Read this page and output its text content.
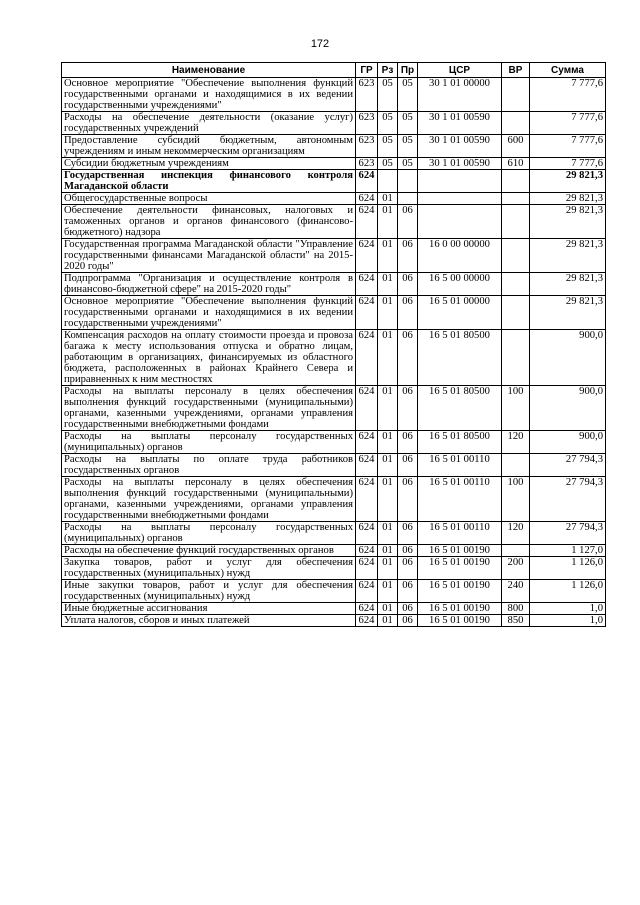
172
Наименование	ГР	Рз	Пр	ЦСР	ВР	Сумма
Основное мероприятие "Обеспечение выполнения функций государственными органами и находящимися в их ведении государственными учреждениями"	623	05	05	30 1 01 00000		7 777,6
Расходы на обеспечение деятельности (оказание услуг) государственных учреждений	623	05	05	30 1 01 00590		7 777,6
Предоставление субсидий бюджетным, автономным учреждениям и иным некоммерческим организациям	623	05	05	30 1 01 00590	600	7 777,6
Субсидии бюджетным учреждениям	623	05	05	30 1 01 00590	610	7 777,6
Государственная инспекция финансового контроля Магаданской области	624					29 821,3
Общегосударственные вопросы	624	01				29 821,3
Обеспечение деятельности финансовых, налоговых и таможенных органов и органов финансового (финансово-бюджетного) надзора	624	01	06			29 821,3
Государственная программа Магаданской области "Управление государственными финансами Магаданской области" на 2015-2020 годы"	624	01	06	16 0 00 00000		29 821,3
Подпрограмма "Организация и осуществление контроля в финансово-бюджетной сфере" на 2015-2020 годы"	624	01	06	16 5 00 00000		29 821,3
Основное мероприятие "Обеспечение выполнения функций государственными органами и находящимися в их ведении государственными учреждениями"	624	01	06	16 5 01 00000		29 821,3
Компенсация расходов на оплату стоимости проезда и провоза багажа к месту использования отпуска и обратно лицам, работающим в организациях, финансируемых из областного бюджета, расположенных в районах Крайнего Севера и приравненных к ним местностях	624	01	06	16 5 01 80500		900,0
Расходы на выплаты персоналу в целях обеспечения выполнения функций государственными (муниципальными) органами, казенными учреждениями, органами управления государственными внебюджетными фондами	624	01	06	16 5 01 80500	100	900,0
Расходы на выплаты персоналу государственных (муниципальных) органов	624	01	06	16 5 01 80500	120	900,0
Расходы на выплаты по оплате труда работников государственных органов	624	01	06	16 5 01 00110		27 794,3
Расходы на выплаты персоналу в целях обеспечения выполнения функций государственными (муниципальными) органами, казенными учреждениями, органами управления государственными внебюджетными фондами	624	01	06	16 5 01 00110	100	27 794,3
Расходы на выплаты персоналу государственных (муниципальных) органов	624	01	06	16 5 01 00110	120	27 794,3
Расходы на обеспечение функций государственных органов	624	01	06	16 5 01 00190		1 127,0
Закупка товаров, работ и услуг для обеспечения государственных (муниципальных) нужд	624	01	06	16 5 01 00190	200	1 126,0
Иные закупки товаров, работ и услуг для обеспечения государственных (муниципальных) нужд	624	01	06	16 5 01 00190	240	1 126,0
Иные бюджетные ассигнования	624	01	06	16 5 01 00190	800	1,0
Уплата налогов, сборов и иных платежей	624	01	06	16 5 01 00190	850	1,0
